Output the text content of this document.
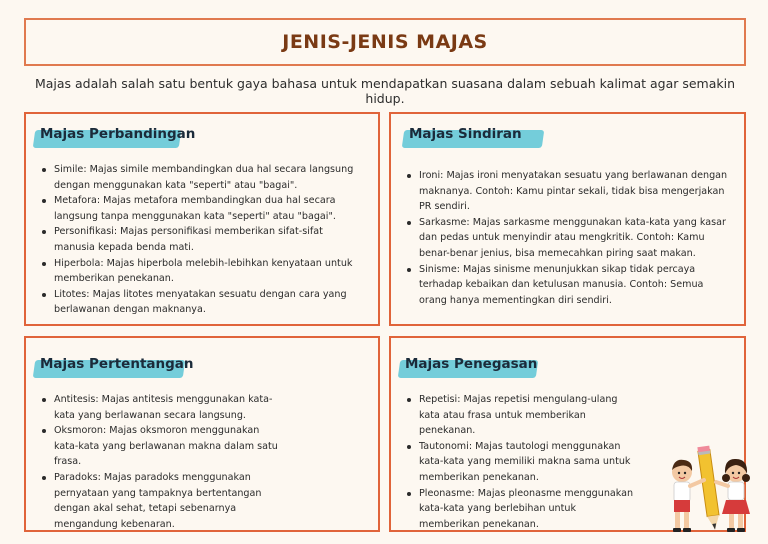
JENIS-JENIS MAJAS

Majas adalah salah satu bentuk gaya bahasa untuk mendapatkan suasana dalam sebuah kalimat agar semakin hidup.

Majas Perbandingan
Simile: Majas simile membandingkan dua hal secara langsung dengan menggunakan kata "seperti" atau "bagai".
Metafora: Majas metafora membandingkan dua hal secara langsung tanpa menggunakan kata "seperti" atau "bagai".
Personifikasi: Majas personifikasi memberikan sifat-sifat manusia kepada benda mati.
Hiperbola: Majas hiperbola melebih-lebihkan kenyataan untuk memberikan penekanan.
Litotes: Majas litotes menyatakan sesuatu dengan cara yang berlawanan dengan maknanya.
Majas Sindiran
Ironi: Majas ironi menyatakan sesuatu yang berlawanan dengan maknanya. Contoh: Kamu pintar sekali, tidak bisa mengerjakan PR sendiri.
Sarkasme: Majas sarkasme menggunakan kata-kata yang kasar dan pedas untuk menyindir atau mengkritik. Contoh: Kamu benar-benar jenius, bisa memecahkan piring saat makan.
Sinisme: Majas sinisme menunjukkan sikap tidak percaya terhadap kebaikan dan ketulusan manusia. Contoh: Semua orang hanya mementingkan diri sendiri.
Majas Pertentangan
Antitesis: Majas antitesis menggunakan kata-kata yang berlawanan secara langsung.
Oksmoron: Majas oksmoron menggunakan kata-kata yang berlawanan makna dalam satu frasa.
Paradoks: Majas paradoks menggunakan pernyataan yang tampaknya bertentangan dengan akal sehat, tetapi sebenarnya mengandung kebenaran.
Majas Penegasan
Repetisi: Majas repetisi mengulang-ulang kata atau frasa untuk memberikan penekanan.
Tautonomi: Majas tautologi menggunakan kata-kata yang memiliki makna sama untuk memberikan penekanan.
Pleonasme: Majas pleonasme menggunakan kata-kata yang berlebihan untuk memberikan penekanan.
